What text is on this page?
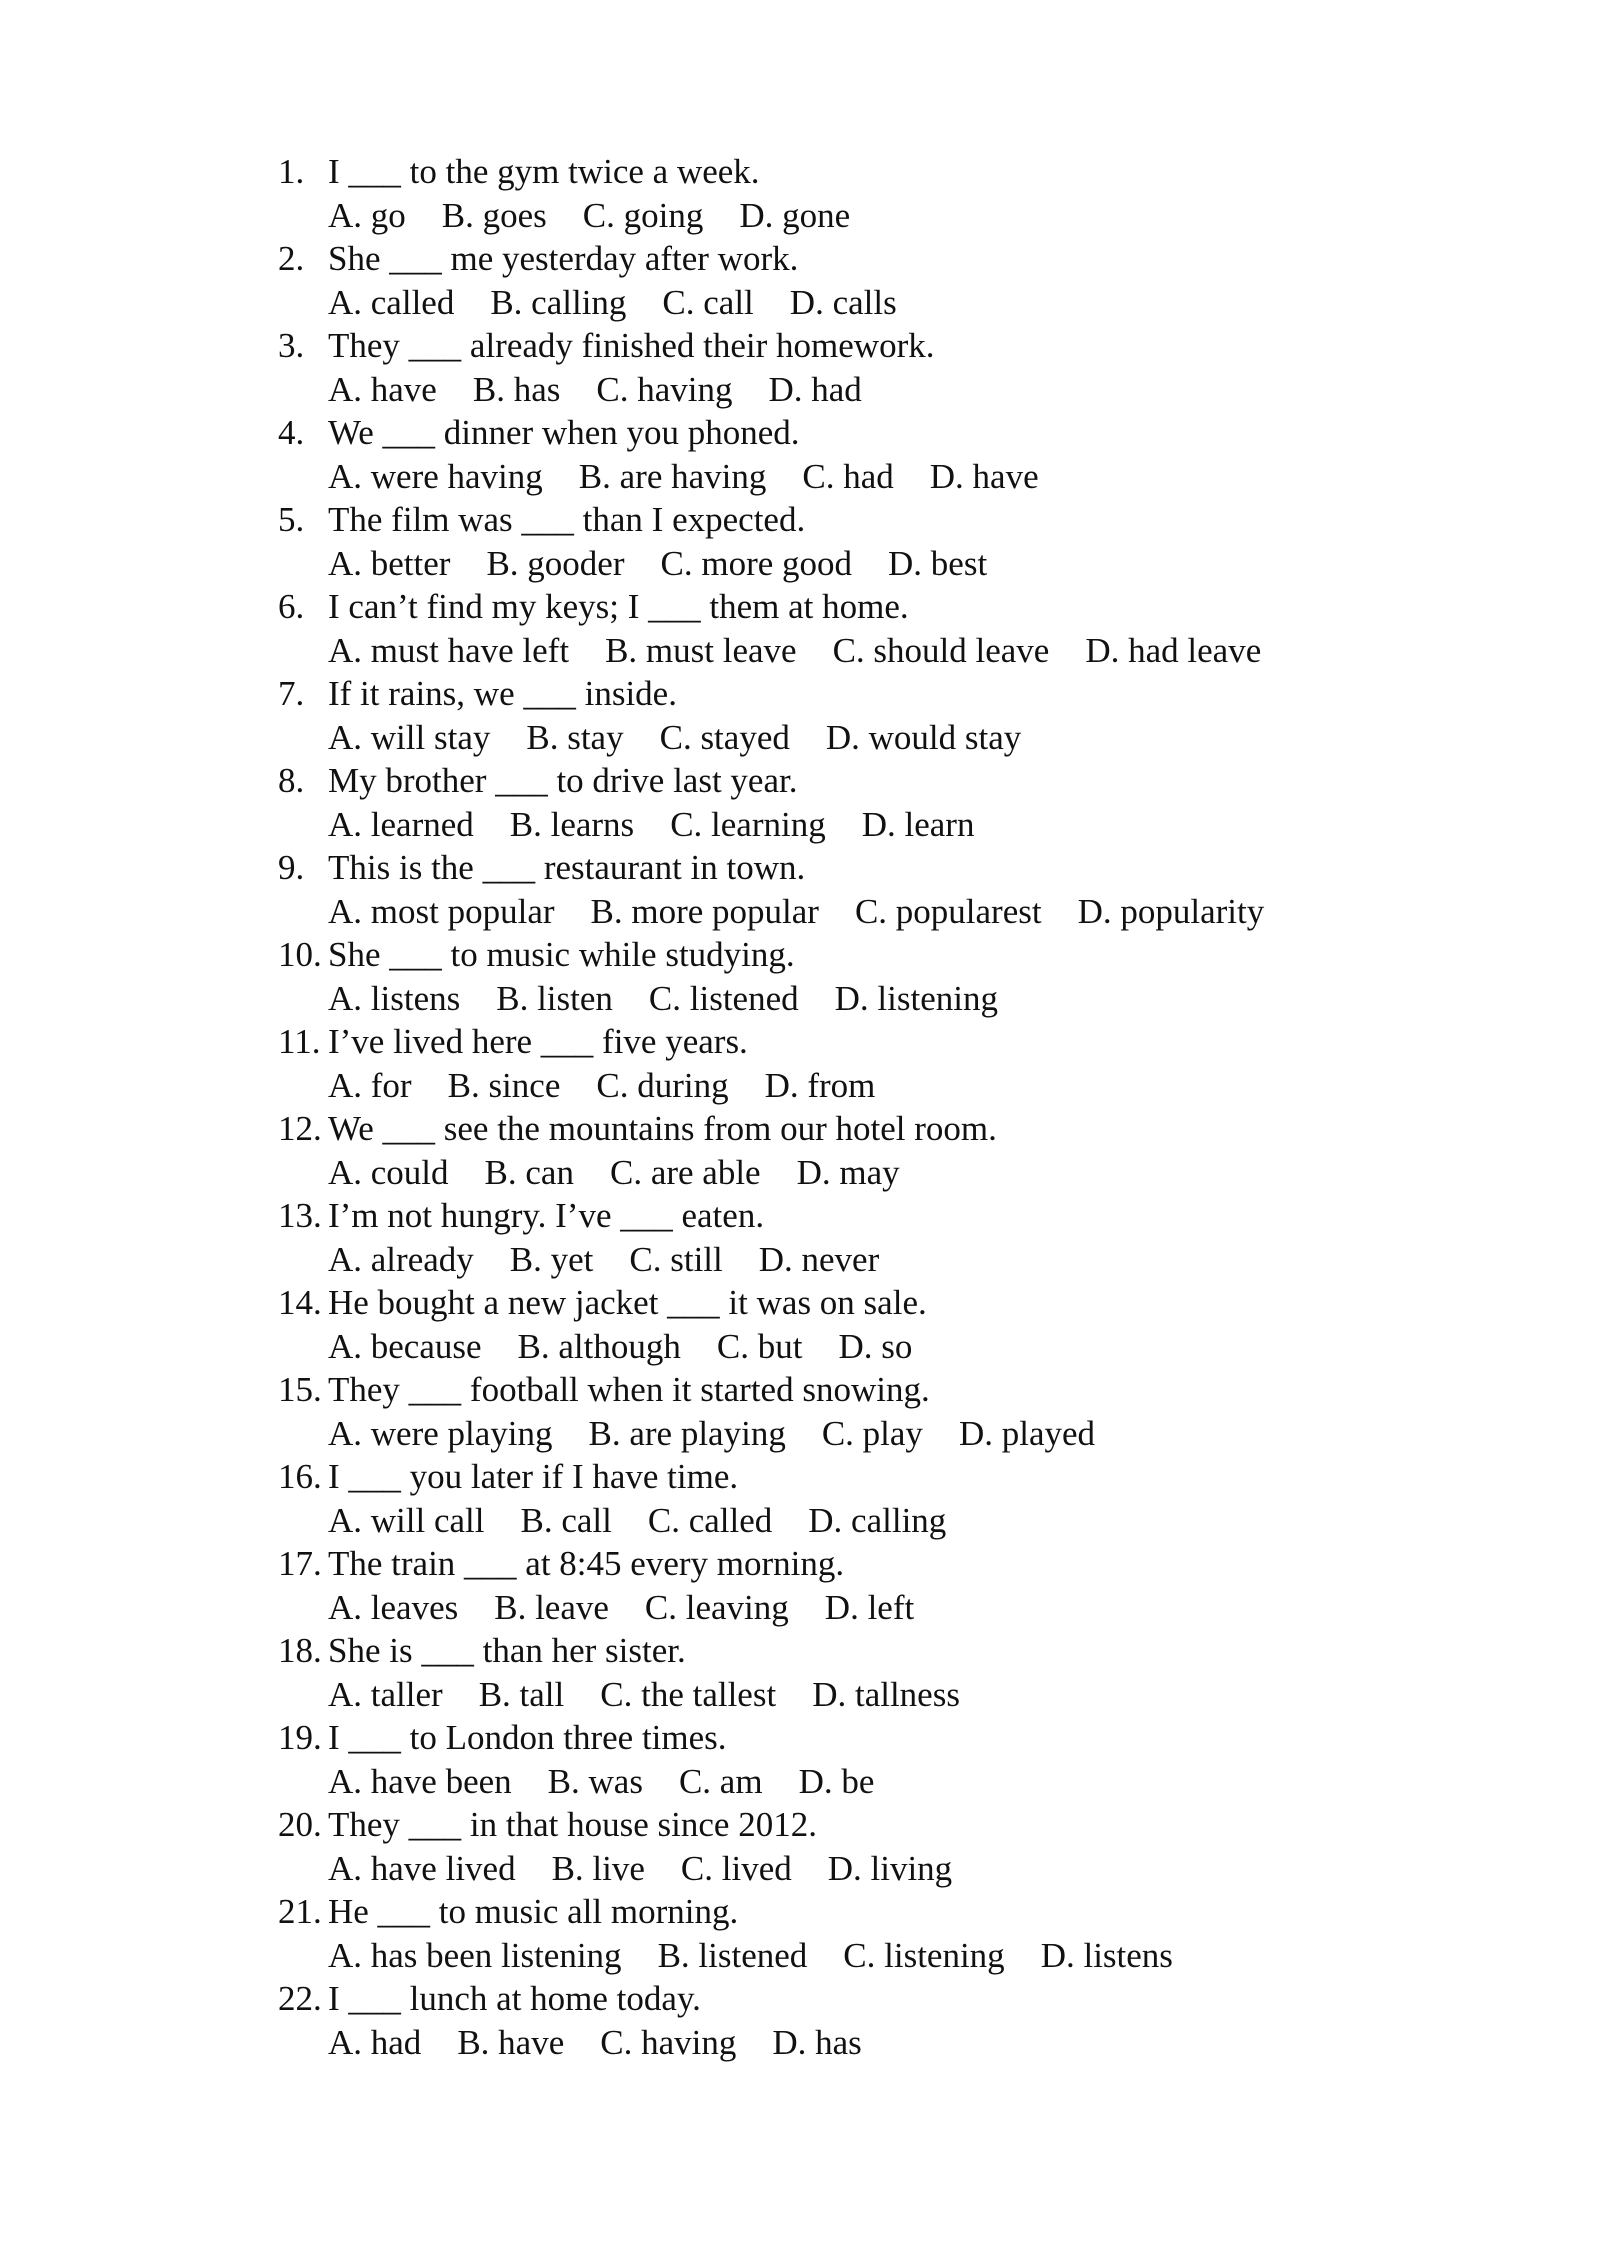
1. I ___ to the gym twice a week.
A. go B. goes C. going D. gone
2. She ___ me yesterday after work.
A. called B. calling C. call D. calls
3. They ___ already finished their homework.
A. have B. has C. having D. had
4. We ___ dinner when you phoned.
A. were having B. are having C. had D. have
5. The film was ___ than I expected.
A. better B. gooder C. more good D. best
6. I can’t find my keys; I ___ them at home.
A. must have left B. must leave C. should leave D. had leave
7. If it rains, we ___ inside.
A. will stay B. stay C. stayed D. would stay
8. My brother ___ to drive last year.
A. learned B. learns C. learning D. learn
9. This is the ___ restaurant in town.
A. most popular B. more popular C. popularest D. popularity
10. She ___ to music while studying.
A. listens B. listen C. listened D. listening
11. I’ve lived here ___ five years.
A. for B. since C. during D. from
12. We ___ see the mountains from our hotel room.
A. could B. can C. are able D. may
13. I’m not hungry. I’ve ___ eaten.
A. already B. yet C. still D. never
14. He bought a new jacket ___ it was on sale.
A. because B. although C. but D. so
15. They ___ football when it started snowing.
A. were playing B. are playing C. play D. played
16. I ___ you later if I have time.
A. will call B. call C. called D. calling
17. The train ___ at 8:45 every morning.
A. leaves B. leave C. leaving D. left
18. She is ___ than her sister.
A. taller B. tall C. the tallest D. tallness
19. I ___ to London three times.
A. have been B. was C. am D. be
20. They ___ in that house since 2012.
A. have lived B. live C. lived D. living
21. He ___ to music all morning.
A. has been listening B. listened C. listening D. listens
22. I ___ lunch at home today.
A. had B. have C. having D. has
